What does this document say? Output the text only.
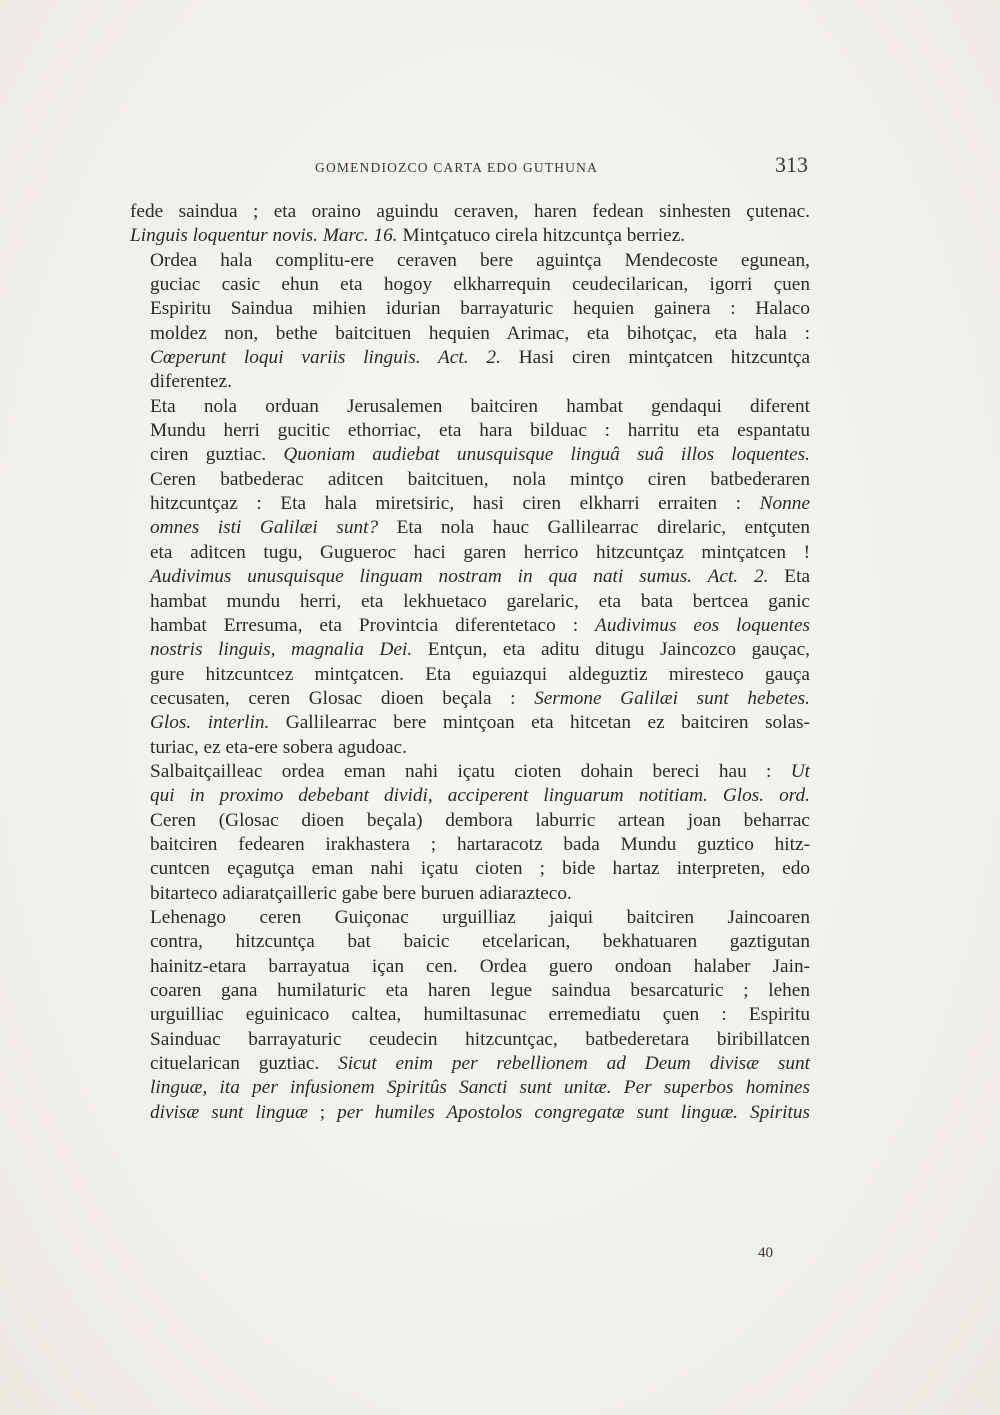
GOMENDIOZCO CARTA EDO GUTHUNA	313
fede saindua ; eta oraino aguindu ceraven, haren fedean sinhesten çutenac.
Linguis loquentur novis. Marc. 16. Mintçatuco cirela hitzcuntça berriez.
Ordea hala complitu-ere ceraven bere aguintça Mendecoste egunean,
guciac casic ehun eta hogoy elkharrequin ceudecilarican, igorri çuen
Espiritu Saindua mihien idurian barrayaturic hequien gainera : Halaco
moldez non, bethe baitcituen hequien Arimac, eta bihotçac, eta hala :
Cœperunt loqui variis linguis. Act. 2. Hasi ciren mintçatcen hitzcuntça
diferentez.
Eta nola orduan Jerusalemen baitciren hambat gendaqui diferent
Mundu herri gucitic ethorriac, eta hara bilduac : harritu eta espantatu
ciren guztiac. Quoniam audiebat unusquisque linguâ suâ illos loquentes.
Ceren batbederac aditcen baitcituen, nola mintço ciren batbederaren
hitzcuntçaz : Eta hala miretsiric, hasi ciren elkharri erraiten : Nonne
omnes isti Galilæi sunt? Eta nola hauc Gallilearrac direlaric, entçuten
eta aditcen tugu, Gugueroc haci garen herrico hitzcuntçaz mintçatcen !
Audivimus unusquisque linguam nostram in qua nati sumus. Act. 2. Eta
hambat mundu herri, eta lekhuetaco garelaric, eta bata bertcea ganic
hambat Erresuma, eta Provintcia diferentetaco : Audivimus eos loquentes
nostris linguis, magnalia Dei. Entçun, eta aditu ditugu Jaincozco gauçac,
gure hitzcuntcez mintçatcen. Eta eguiazqui aldeguztiz miresteco gauça
cecusaten, ceren Glosac dioen beçala : Sermone Galilæi sunt hebetes.
Glos. interlin. Gallilearrac bere mintçoan eta hitcetan ez baitciren solas-
turiac, ez eta-ere sobera agudoac.
Salbaitçailleac ordea eman nahi içatu cioten dohain bereci hau : Ut
qui in proximo debebant dividi, acciperent linguarum notitiam. Glos. ord.
Ceren (Glosac dioen beçala) dembora laburric artean joan beharrac
baitciren fedearen irakhastera ; hartaracotz bada Mundu guztico hitz-
cuntcen eçagutça eman nahi içatu cioten ; bide hartaz interpreten, edo
bitarteco adiaratçailleric gabe bere buruen adiarazteco.
Lehenago ceren Guiçonac urguilliaz jaiqui baitciren Jaincoaren
contra, hitzcuntça bat baicic etcelarican, bekhatuaren gaztigutan
hainitz-etara barrayatua içan cen. Ordea guero ondoan halaber Jain-
coaren gana humilaturic eta haren legue saindua besarcaturic ; lehen
urguilliac eguinicaco caltea, humiltasunac erremediatu çuen : Espiritu
Sainduac barrayaturic ceudecin hitzcuntçac, batbederetara biribillatcen
cituelarican guztiac. Sicut enim per rebellionem ad Deum divisæ sunt
linguæ, ita per infusionem Spiritûs Sancti sunt unitæ. Per superbos homines
divisæ sunt linguæ ; per humiles Apostolos congregatæ sunt linguæ. Spiritus
40
